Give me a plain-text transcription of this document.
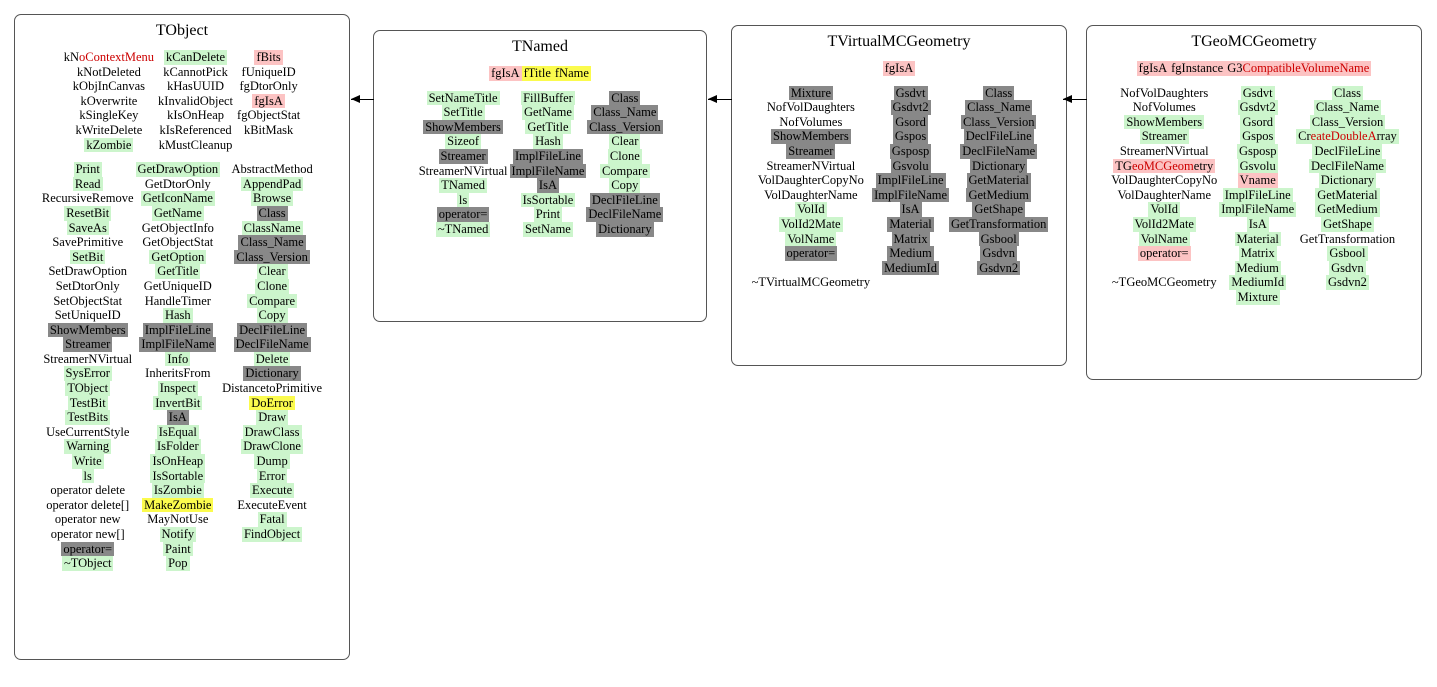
TObject
kNoContextMenu
kNotDeleted
kObjInCanvas
kOverwrite
kSingleKey
kWriteDelete
kZombie
kCanDelete
kCannotPick
kHasUUID
kInvalidObject
kIsOnHeap
kIsReferenced
kMustCleanup
fBits
fUniqueID
fgDtorOnly
fgIsA
fgObjectStat
kBitMask
Print
Read
RecursiveRemove
ResetBit
SaveAs
SavePrimitive
SetBit
SetDrawOption
SetDtorOnly
SetObjectStat
SetUniqueID
ShowMembers
Streamer
StreamerNVirtual
SysError
TObject
TestBit
TestBits
UseCurrentStyle
Warning
Write
ls
operator delete
operator delete[]
operator new
operator new[]
operator=
~TObject
GetDrawOption
GetDtorOnly
GetIconName
GetName
GetObjectInfo
GetObjectStat
GetOption
GetTitle
GetUniqueID
HandleTimer
Hash
ImplFileLine
ImplFileName
Info
InheritsFrom
Inspect
InvertBit
IsA
IsEqual
IsFolder
IsOnHeap
IsSortable
IsZombie
MakeZombie
MayNotUse
Notify
Paint
Pop
AbstractMethod
AppendPad
Browse
Class
ClassName
Class_Name
Class_Version
Clear
Clone
Compare
Copy
DeclFileLine
DeclFileName
Delete
Dictionary
DistancetoPrimitive
DoError
Draw
DrawClass
DrawClone
Dump
Error
Execute
ExecuteEvent
Fatal
FindObject
TNamed
fgIsA fTitle fName
SetNameTitle
SetTitle
ShowMembers
Sizeof
Streamer
StreamerNVirtual
TNamed
ls
operator=
~TNamed
FillBuffer
GetName
GetTitle
Hash
ImplFileLine
ImplFileName
IsA
IsSortable
Print
SetName
Class
Class_Name
Class_Version
Clear
Clone
Compare
Copy
DeclFileLine
DeclFileName
Dictionary
TVirtualMCGeometry
fgIsA
Mixture
NofVolDaughters
NofVolumes
ShowMembers
Streamer
StreamerNVirtual
VolDaughterCopyNo
VolDaughterName
VolId
VolId2Mate
VolName
operator=

~TVirtualMCGeometry
Gsdvt
Gsdvt2
Gsord
Gspos
Gsposp
Gsvolu
ImplFileLine
ImplFileName
IsA
Material
Matrix
Medium
MediumId
Class
Class_Name
Class_Version
DeclFileLine
DeclFileName
Dictionary
GetMaterial
GetMedium
GetShape
GetTransformation
Gsbool
Gsdvn
Gsdvn2
TGeoMCGeometry
fgIsA fgInstance G3CompatibleVolumeName
NofVolDaughters
NofVolumes
ShowMembers
Streamer
StreamerNVirtual
TGeoMCGeometry
VolDaughterCopyNo
VolDaughterName
VolId
VolId2Mate
VolName
operator=

~TGeoMCGeometry
Gsdvt
Gsdvt2
Gsord
Gspos
Gsposp
Gsvolu
Vname
ImplFileLine
ImplFileName
IsA
Material
Matrix
Medium
MediumId
Mixture
Class
Class_Name
Class_Version
CreateDoubleArray
DeclFileLine
DeclFileName
Dictionary
GetMaterial
GetMedium
GetShape
GetTransformation
Gsbool
Gsdvn
Gsdvn2
